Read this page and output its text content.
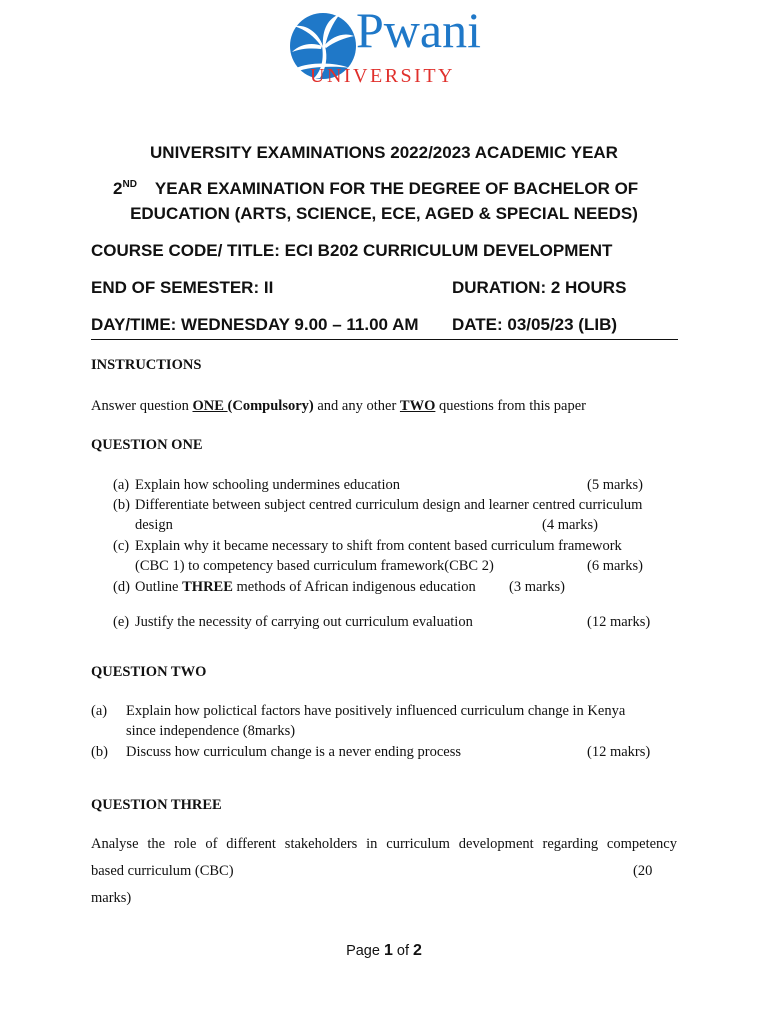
Pwani
UNIVERSITY
UNIVERSITY EXAMINATIONS 2022/2023 ACADEMIC YEAR
2ND YEAR EXAMINATION FOR THE DEGREE OF BACHELOR OF
EDUCATION (ARTS, SCIENCE, ECE, AGED & SPECIAL NEEDS)
COURSE CODE/ TITLE: ECI B202 CURRICULUM DEVELOPMENT
END OF SEMESTER: II	DURATION: 2 HOURS
DAY/TIME: WEDNESDAY 9.00 – 11.00 AM DATE: 03/05/23 (LIB)
INSTRUCTIONS
Answer question ONE (Compulsory) and any other TWO questions from this paper
QUESTION ONE
(a) Explain how schooling undermines education	(5 marks)
(b) Differentiate between subject centred curriculum design and learner centred curriculum
design	(4 marks)
(c) Explain why it became necessary to shift from content based curriculum framework
(CBC 1) to competency based curriculum framework(CBC 2)	(6 marks)
(d) Outline THREE methods of African indigenous education (3 marks)
(e) Justify the necessity of carrying out curriculum evaluation	(12 marks)
QUESTION TWO
(a) Explain how polictical factors have positively influenced curriculum change in Kenya
since independence (8marks)
(b) Discuss how curriculum change is a never ending process	(12 makrs)
QUESTION THREE
Analyse the role of different stakeholders in curriculum development regarding competency
based curriculum (CBC)	(20
marks)
Page 1 of 2
